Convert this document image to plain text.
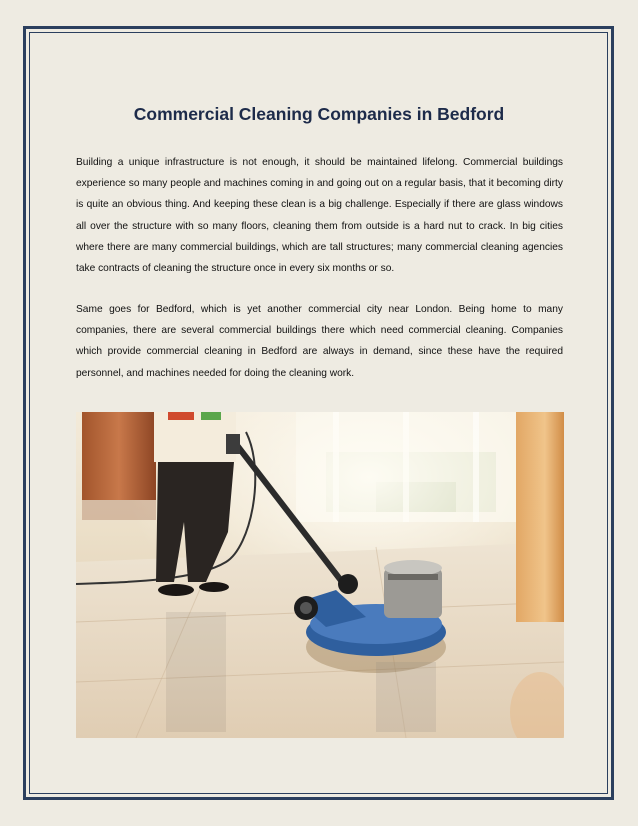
Commercial Cleaning Companies in Bedford

Building a unique infrastructure is not enough, it should be maintained lifelong. Commercial buildings experience so many people and machines coming in and going out on a regular basis, that it becoming dirty is quite an obvious thing. And keeping these clean is a big challenge. Especially if there are glass windows all over the structure with so many floors, cleaning them from outside is a hard nut to crack. In big cities where there are many commercial buildings, which are tall structures; many commercial cleaning agencies take contracts of cleaning the structure once in every six months or so.

Same goes for Bedford, which is yet another commercial city near London. Being home to many companies, there are several commercial buildings there which need commercial cleaning. Companies which provide commercial cleaning in Bedford are always in demand, since these have the required personnel, and machines needed for doing the cleaning work.
